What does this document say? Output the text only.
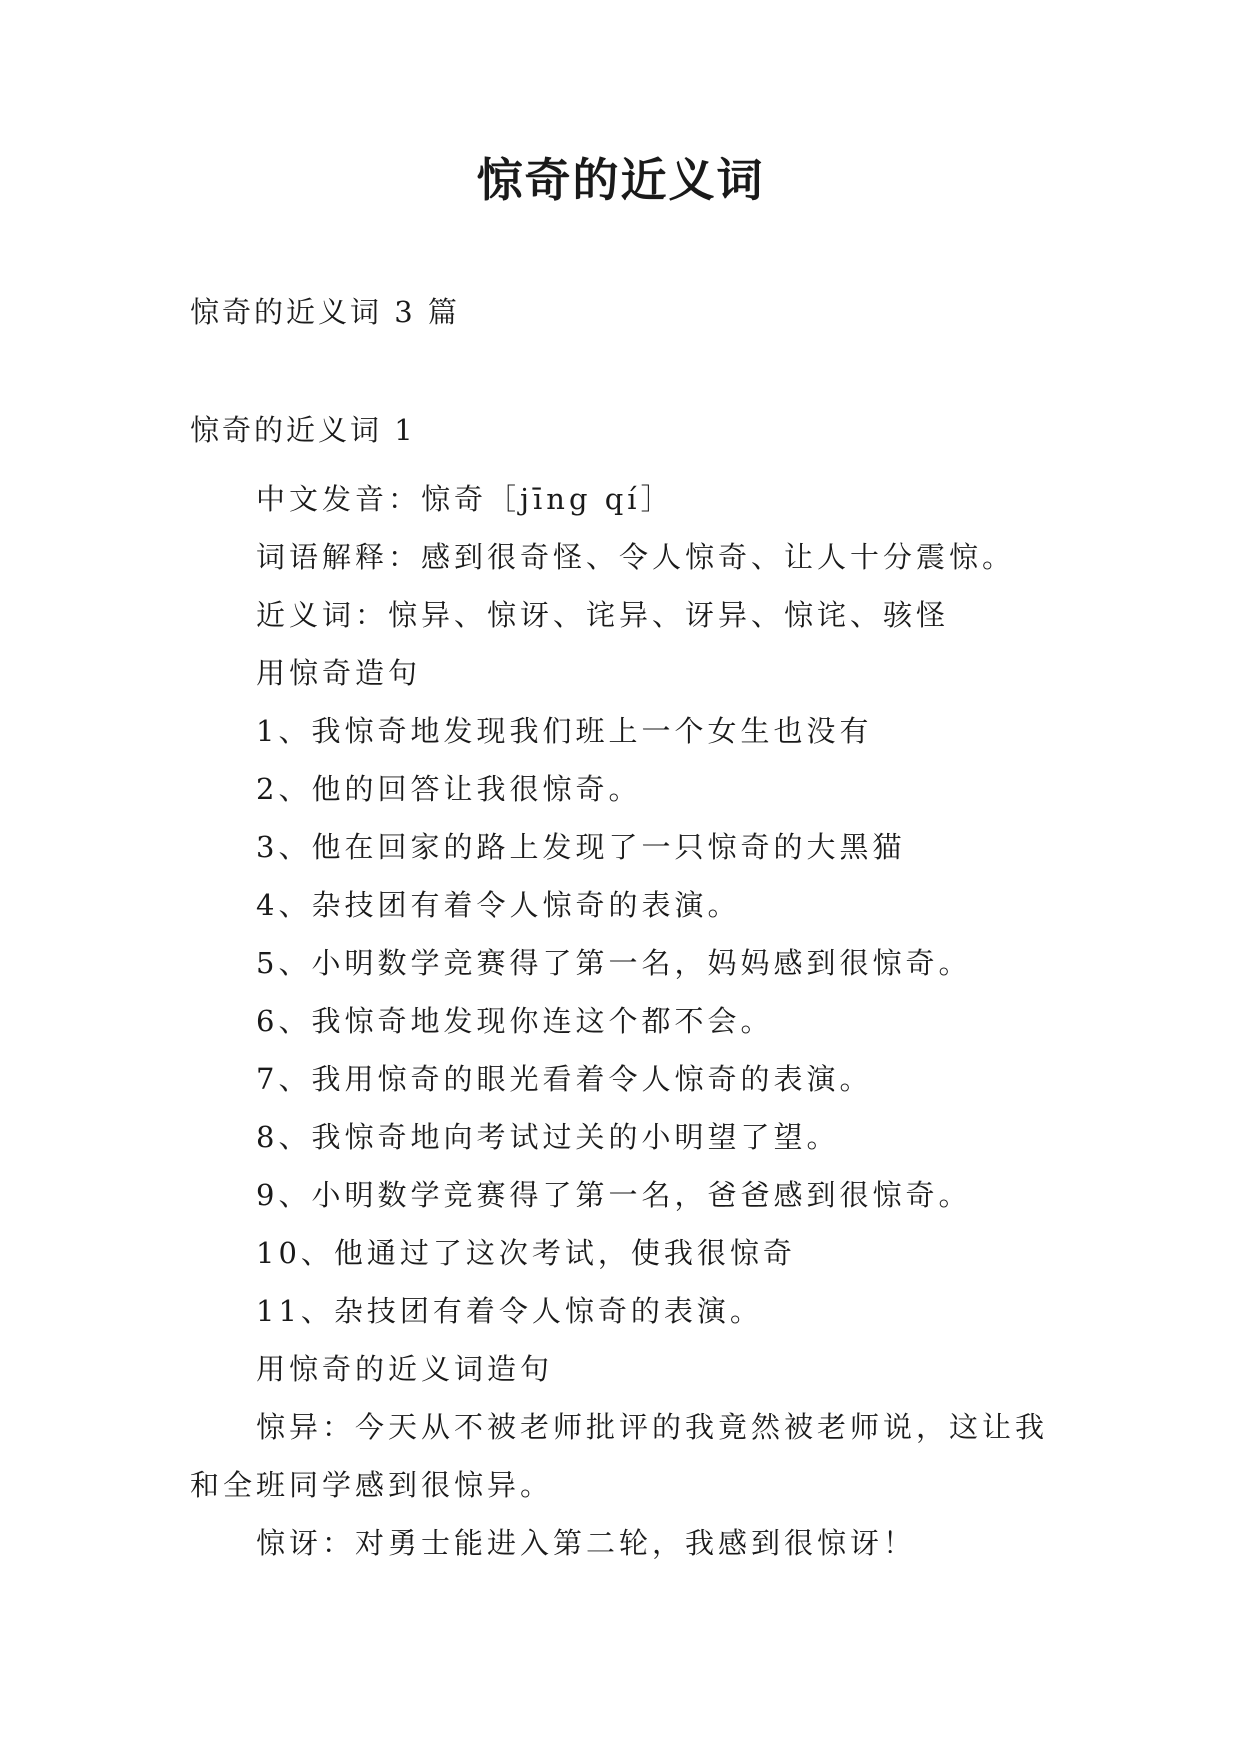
惊奇的近义词
惊奇的近义词 3 篇
惊奇的近义词 1

中文发音：惊奇［jīng qí］

词语解释：感到很奇怪、令人惊奇、让人十分震惊。

近义词：惊异、惊讶、诧异、讶异、惊诧、骇怪

用惊奇造句

1、我惊奇地发现我们班上一个女生也没有

2、他的回答让我很惊奇。

3、他在回家的路上发现了一只惊奇的大黑猫

4、杂技团有着令人惊奇的表演。

5、小明数学竞赛得了第一名，妈妈感到很惊奇。

6、我惊奇地发现你连这个都不会。

7、我用惊奇的眼光看着令人惊奇的表演。

8、我惊奇地向考试过关的小明望了望。

9、小明数学竞赛得了第一名，爸爸感到很惊奇。

10、他通过了这次考试，使我很惊奇

11、杂技团有着令人惊奇的表演。

用惊奇的近义词造句

惊异：今天从不被老师批评的我竟然被老师说，这让我和全班同学感到很惊异。

惊讶：对勇士能进入第二轮，我感到很惊讶！
